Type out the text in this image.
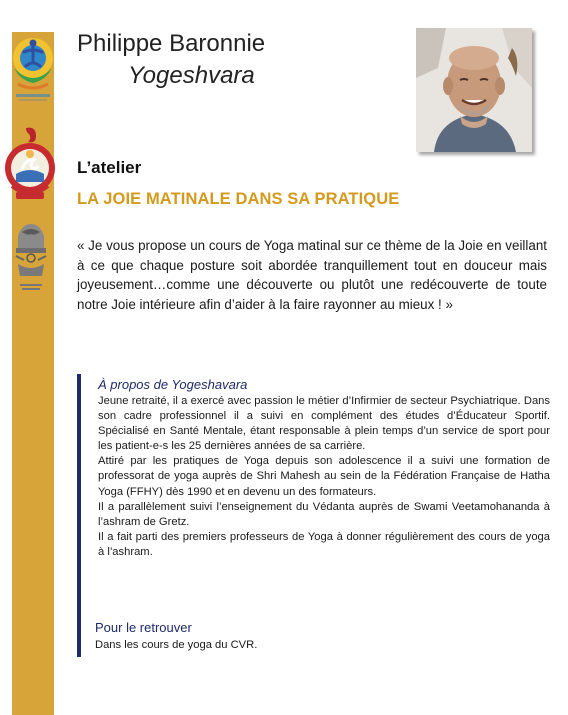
Philippe Baronnie
Yogeshvara
L’atelier
LA JOIE MATINALE DANS SA PRATIQUE
« Je vous propose un cours de Yoga matinal sur ce thème de la Joie en veillant à ce que chaque posture soit abordée tranquillement tout en douceur mais joyeusement…comme une découverte ou plutôt une redécouverte de toute notre Joie intérieure afin d’aider à la faire rayonner au mieux ! »
À propos de Yogeshavara

Jeune retraité, il a exercé avec passion le métier d’Infirmier de secteur Psychiatrique. Dans son cadre professionnel il a suivi en complément des études d’Éducateur Sportif. Spécialisé en Santé Mentale, étant responsable à plein temps d’un service de sport pour les patient-e-s les 25 dernières années de sa carrière.

Attiré par les pratiques de Yoga depuis son adolescence il a suivi une formation de professorat de yoga auprès de Shri Mahesh au sein de la Fédération Française de Hatha Yoga (FFHY) dès 1990 et en devenu un des formateurs.

Il a parallèlement suivi l’enseignement du Védanta auprès de Swami Veetamohananda à l’ashram de Gretz.

Il a fait parti des premiers professeurs de Yoga à donner régulièrement des cours de yoga à l’ashram.

Pour le retrouver
Dans les cours de yoga du CVR.
